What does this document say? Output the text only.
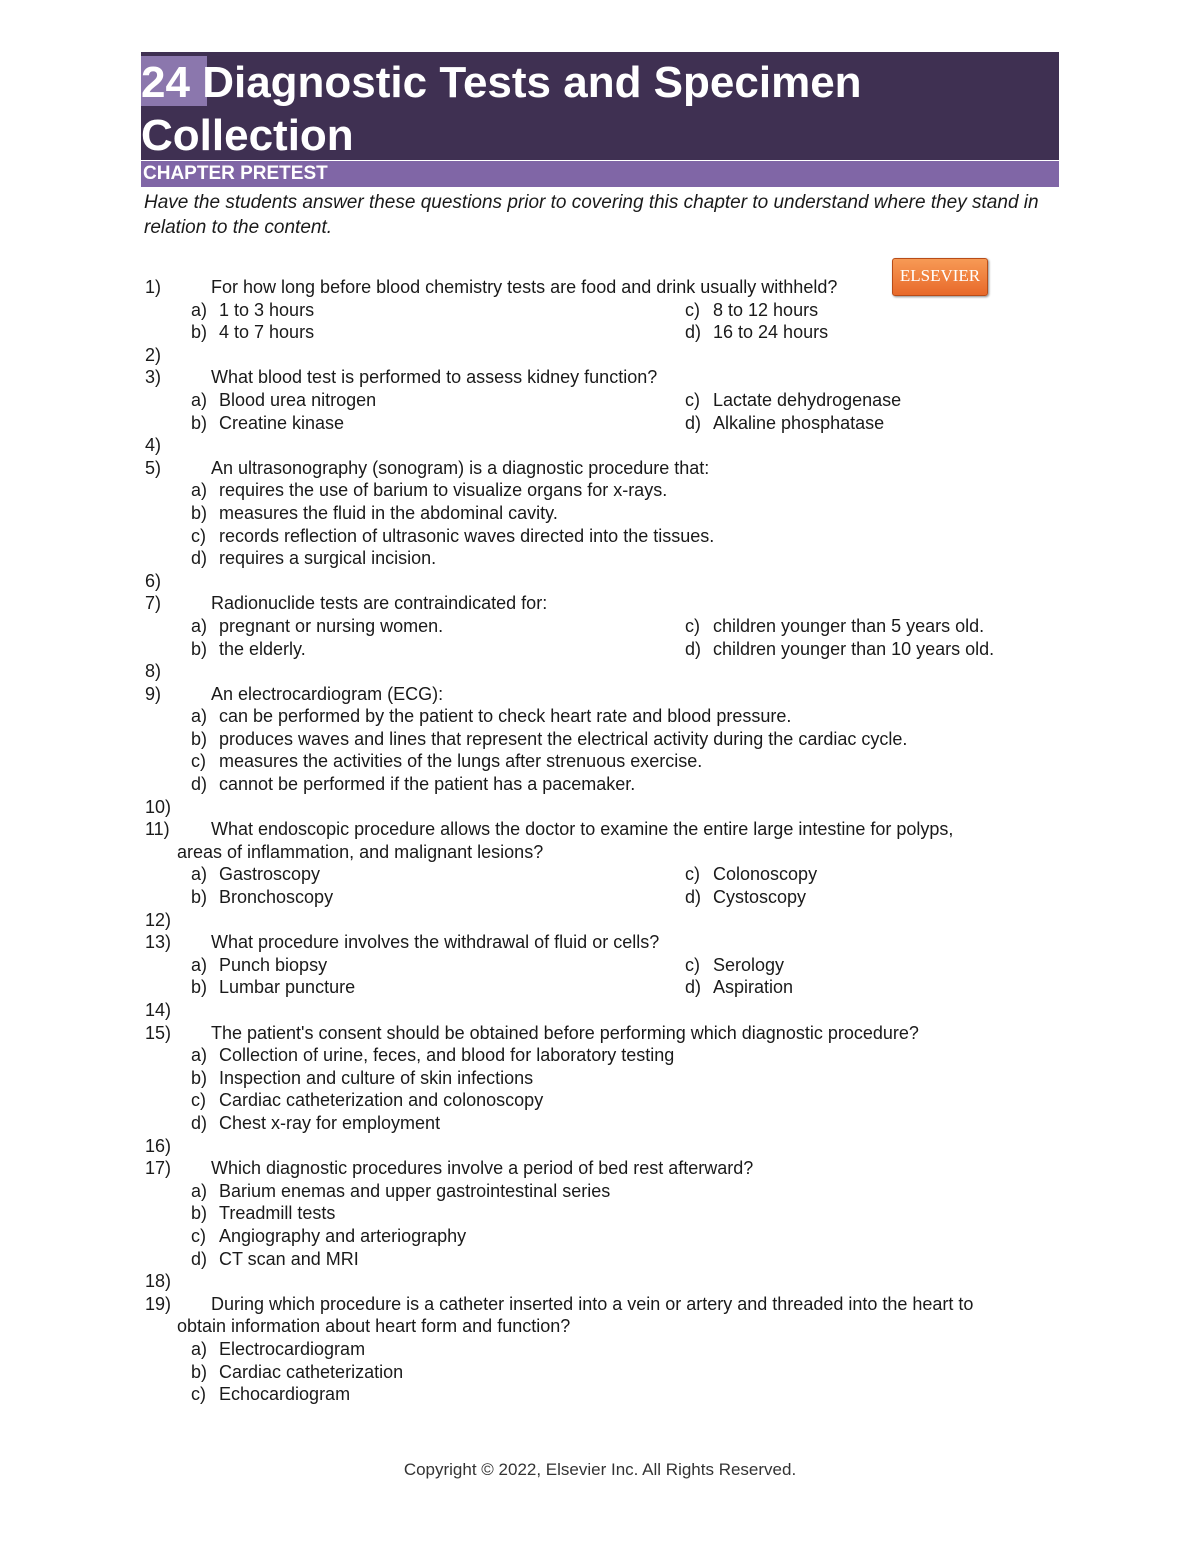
24 Diagnostic Tests and Specimen Collection
CHAPTER PRETEST
Have the students answer these questions prior to covering this chapter to understand where they stand in relation to the content.
ELSEVIER
1)	For how long before blood chemistry tests are food and drink usually withheld?
a) 1 to 3 hours	c) 8 to 12 hours
b) 4 to 7 hours	d) 16 to 24 hours
2)
3)	What blood test is performed to assess kidney function?
a) Blood urea nitrogen	c) Lactate dehydrogenase
b) Creatine kinase	d) Alkaline phosphatase
4)
5)	An ultrasonography (sonogram) is a diagnostic procedure that:
a) requires the use of barium to visualize organs for x-rays.
b) measures the fluid in the abdominal cavity.
c) records reflection of ultrasonic waves directed into the tissues.
d) requires a surgical incision.
6)
7)	Radionuclide tests are contraindicated for:
a) pregnant or nursing women.	c) children younger than 5 years old.
b) the elderly.	d) children younger than 10 years old.
8)
9)	An electrocardiogram (ECG):
a) can be performed by the patient to check heart rate and blood pressure.
b) produces waves and lines that represent the electrical activity during the cardiac cycle.
c) measures the activities of the lungs after strenuous exercise.
d) cannot be performed if the patient has a pacemaker.
10)
11) What endoscopic procedure allows the doctor to examine the entire large intestine for polyps,
areas of inflammation, and malignant lesions?
a) Gastroscopy	c) Colonoscopy
b) Bronchoscopy	d) Cystoscopy
12)
13) What procedure involves the withdrawal of fluid or cells?
a) Punch biopsy	c) Serology
b) Lumbar puncture	d) Aspiration
14)
15) The patient's consent should be obtained before performing which diagnostic procedure?
a) Collection of urine, feces, and blood for laboratory testing
b) Inspection and culture of skin infections
c) Cardiac catheterization and colonoscopy
d) Chest x-ray for employment
16)
17) Which diagnostic procedures involve a period of bed rest afterward?
a) Barium enemas and upper gastrointestinal series
b) Treadmill tests
c) Angiography and arteriography
d) CT scan and MRI
18)
19) During which procedure is a catheter inserted into a vein or artery and threaded into the heart to
obtain information about heart form and function?
a) Electrocardiogram
b) Cardiac catheterization
c) Echocardiogram
Copyright © 2022, Elsevier Inc. All Rights Reserved.
